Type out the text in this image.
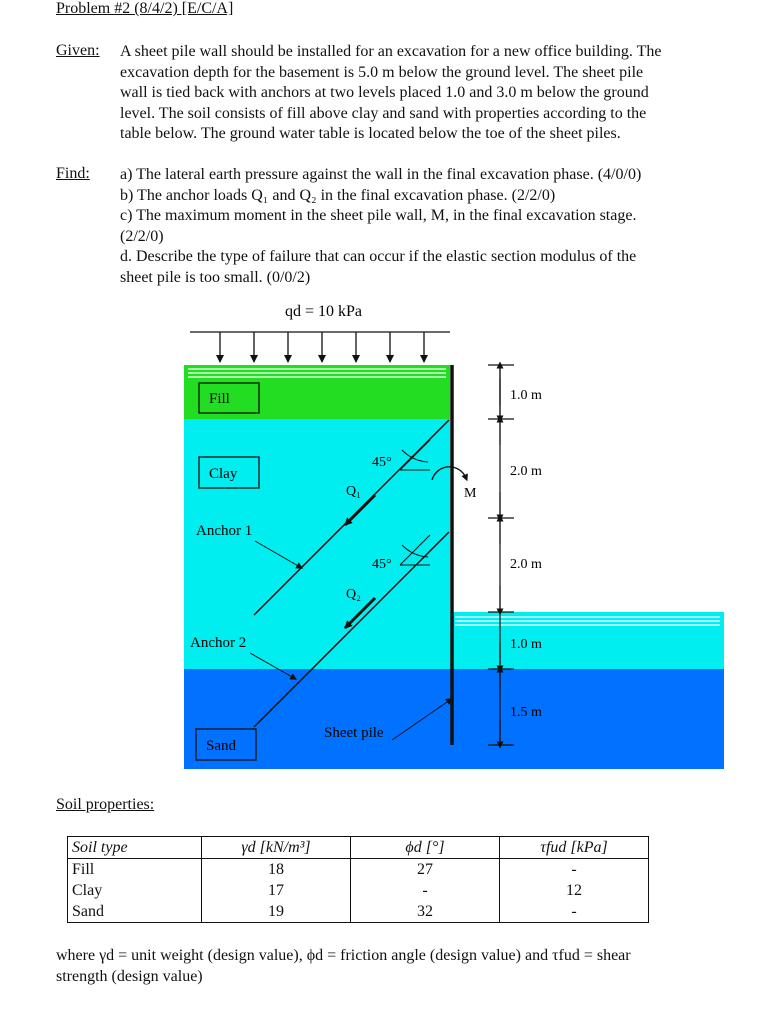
Problem #2 (8/4/2) [E/C/A]
Given: A sheet pile wall should be installed for an excavation for a new office building. The
excavation depth for the basement is 5.0 m below the ground level. The sheet pile
wall is tied back with anchors at two levels placed 1.0 and 3.0 m below the ground
level. The soil consists of fill above clay and sand with properties according to the
table below. The ground water table is located below the toe of the sheet piles.
Find: a) The lateral earth pressure against the wall in the final excavation phase. (4/0/0)
b) The anchor loads Q₁ and Q₂ in the final excavation phase. (2/2/0)
c) The maximum moment in the sheet pile wall, M, in the final excavation stage.
(2/2/0)
d. Describe the type of failure that can occur if the elastic section modulus of the
sheet pile is too small. (0/0/2)
qd = 10 kPa
45°
45°
Q₁
Q₂
M
Fill
Clay
Sand
Anchor 1
Anchor 2
Sheet pile
1.0 m
2.0 m
2.0 m
1.0 m
1.5 m
Soil properties:
Soil type	γd [kN/m³]	ϕd [°]	τfud [kPa]
Fill	18	27	-
Clay	17	-	12
Sand	19	32	-
where γd = unit weight (design value), ϕd = friction angle (design value) and τfud = shear
strength (design value)
